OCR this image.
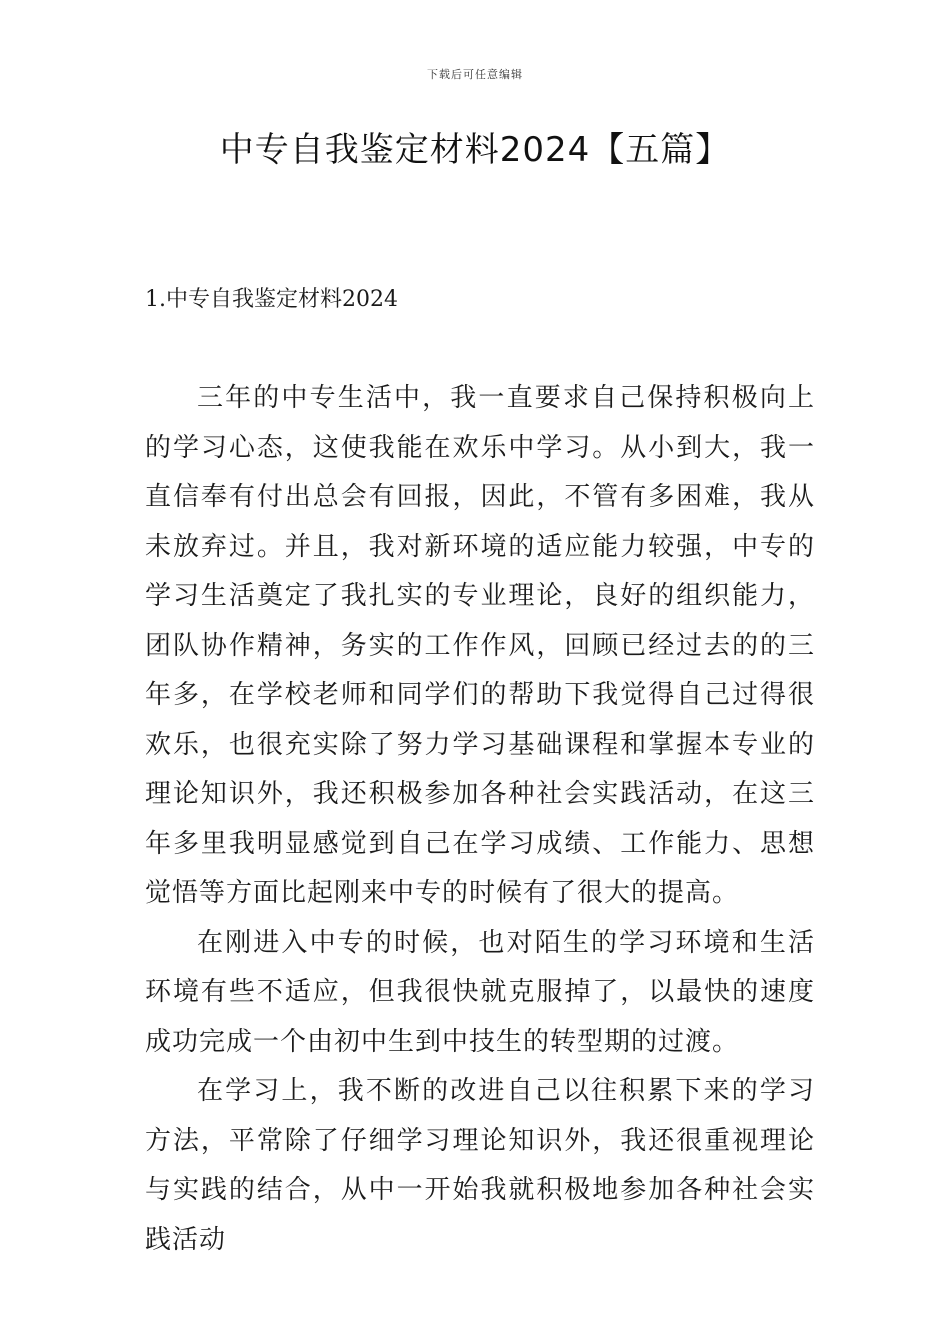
下载后可任意编辑
中专自我鉴定材料2024【五篇】
1.中专自我鉴定材料2024

三年的中专生活中，我一直要求自己保持积极向上的学习心态，这使我能在欢乐中学习。从小到大，我一直信奉有付出总会有回报，因此，不管有多困难，我从未放弃过。并且，我对新环境的适应能力较强，中专的学习生活奠定了我扎实的专业理论，良好的组织能力，团队协作精神，务实的工作作风，回顾已经过去的的三年多，在学校老师和同学们的帮助下我觉得自己过得很欢乐，也很充实除了努力学习基础课程和掌握本专业的理论知识外，我还积极参加各种社会实践活动，在这三年多里我明显感觉到自己在学习成绩、工作能力、思想觉悟等方面比起刚来中专的时候有了很大的提高。

在刚进入中专的时候，也对陌生的学习环境和生活环境有些不适应，但我很快就克服掉了，以最快的速度成功完成一个由初中生到中技生的转型期的过渡。

在学习上，我不断的改进自己以往积累下来的学习方法，平常除了仔细学习理论知识外，我还很重视理论与实践的结合，从中一开始我就积极地参加各种社会实践活动
